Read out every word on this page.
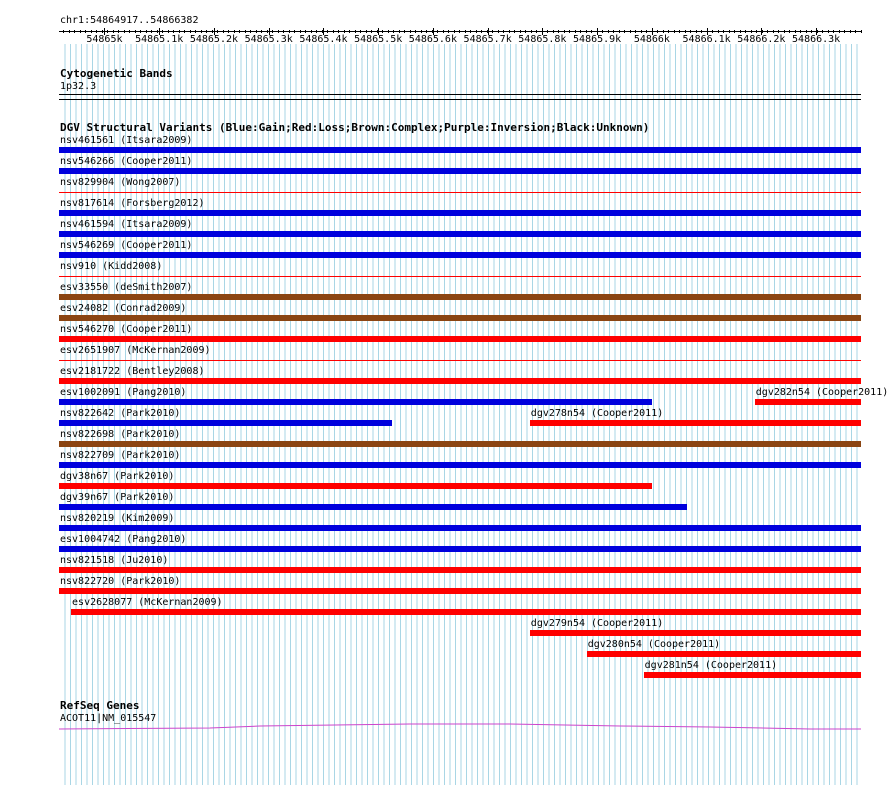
chr1:54864917..54866382
54865k 54865.1k 54865.2k 54865.3k 54865.4k 54865.5k 54865.6k 54865.7k 54865.8k 54865.9k 54866k 54866.1k 54866.2k 54866.3k
Cytogenetic Bands
1p32.3
DGV Structural Variants (Blue:Gain;Red:Loss;Brown:Complex;Purple:Inversion;Black:Unknown)
nsv461561 (Itsara2009)
nsv546266 (Cooper2011)
nsv829904 (Wong2007)
nsv817614 (Forsberg2012)
nsv461594 (Itsara2009)
nsv546269 (Cooper2011)
nsv910 (Kidd2008)
esv33550 (deSmith2007)
esv24082 (Conrad2009)
nsv546270 (Cooper2011)
esv2651907 (McKernan2009)
esv2181722 (Bentley2008)
esv1002091 (Pang2010)	dgv282n54 (Cooper2011)
nsv822642 (Park2010)	dgv278n54 (Cooper2011)
nsv822698 (Park2010)
nsv822709 (Park2010)
dgv38n67 (Park2010)
dgv39n67 (Park2010)
nsv820219 (Kim2009)
esv1004742 (Pang2010)
nsv821518 (Ju2010)
nsv822720 (Park2010)
esv2628077 (McKernan2009)
dgv279n54 (Cooper2011)
dgv280n54 (Cooper2011)
dgv281n54 (Cooper2011)
RefSeq Genes
ACOT11|NM_015547
